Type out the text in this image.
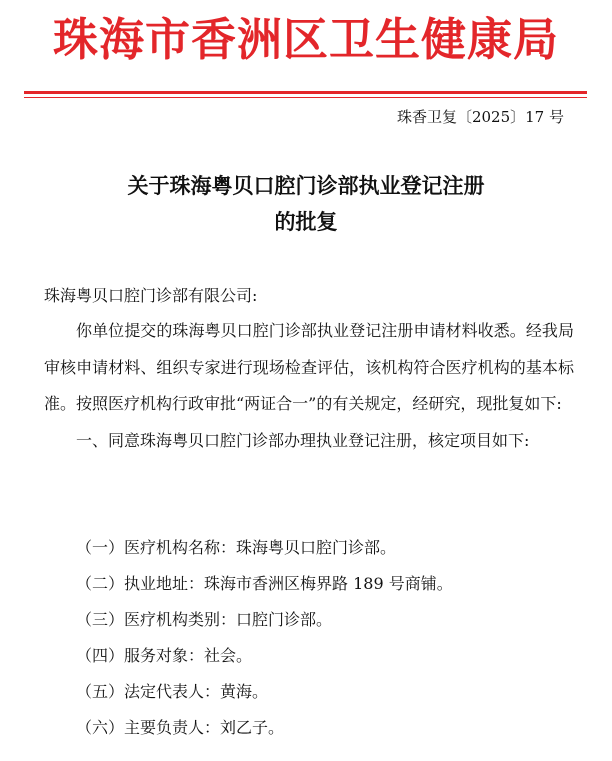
珠海市香洲区卫生健康局
珠香卫复〔2025〕17 号
关于珠海粤贝口腔门诊部执业登记注册
的批复
珠海粤贝口腔门诊部有限公司:

你单位提交的珠海粤贝口腔门诊部执业登记注册申请材料收悉。经我局审核申请材料、组织专家进行现场检查评估，该机构符合医疗机构的基本标准。按照医疗机构行政审批“两证合一”的有关规定，经研究，现批复如下:

一、同意珠海粤贝口腔门诊部办理执业登记注册，核定项目如下:

（一）医疗机构名称：珠海粤贝口腔门诊部。
（二）执业地址：珠海市香洲区梅界路 189 号商铺。
（三）医疗机构类别：口腔门诊部。
（四）服务对象：社会。
（五）法定代表人：黄海。
（六）主要负责人：刘乙子。
